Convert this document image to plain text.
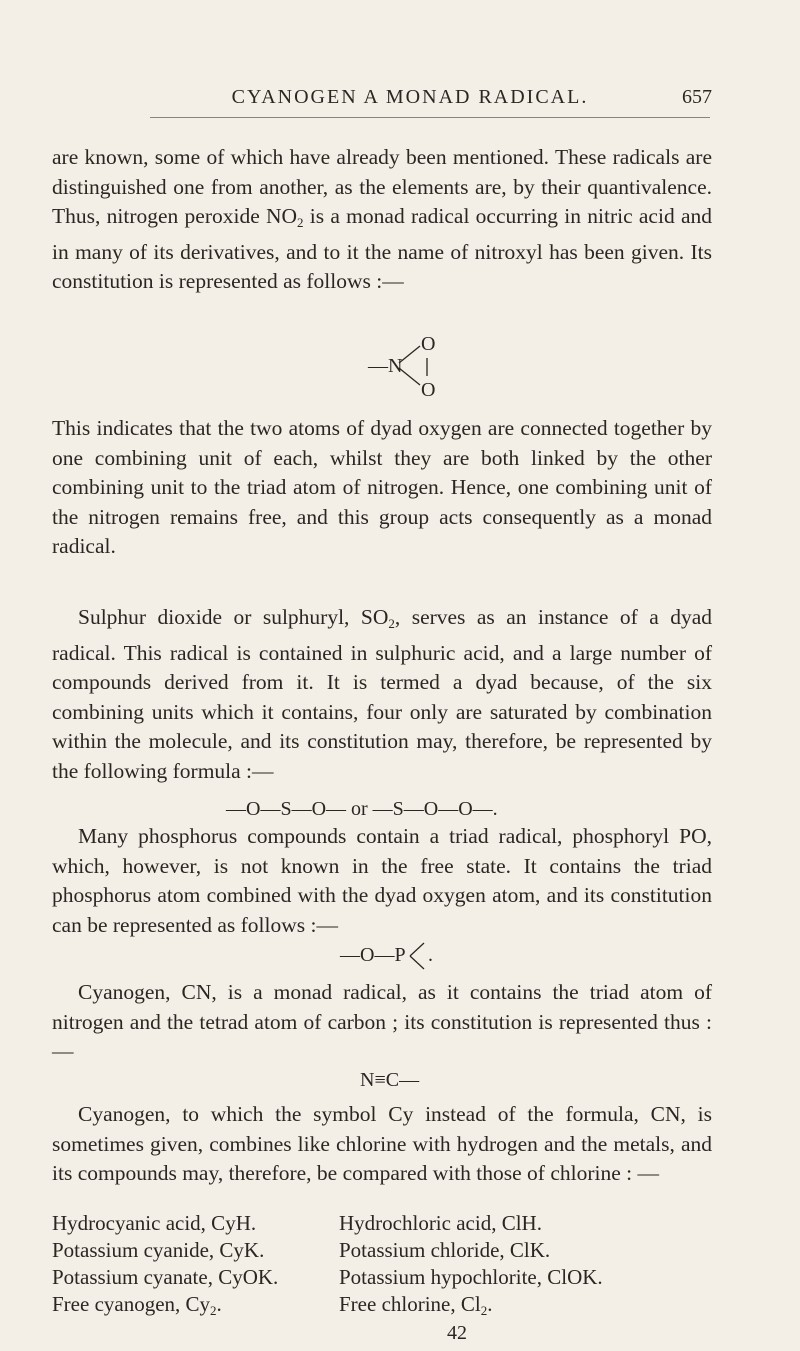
CYANOGEN A MONAD RADICAL.	657

are known, some of which have already been mentioned. These radicals are distinguished one from another, as the elements are, by their quantivalence. Thus, nitrogen peroxide $NO_2$ is a monad radical occurring in nitric acid and in many of its derivatives, and to it the name of nitroxyl has been given. Its constitution is represented as follows :—

—N
O
O

This indicates that the two atoms of dyad oxygen are connected together by one combining unit of each, whilst they are both linked by the other combining unit to the triad atom of nitrogen. Hence, one combining unit of the nitrogen remains free, and this group acts consequently as a monad radical.

Sulphur dioxide or sulphuryl, $SO_2$, serves as an instance of a dyad radical. This radical is contained in sulphuric acid, and a large number of compounds derived from it. It is termed a dyad because, of the six combining units which it contains, four only are saturated by combination within the molecule, and its constitution may, therefore, be represented by the following formula :—

—O—S—O— or —S—O—O—.

Many phosphorus compounds contain a triad radical, phosphoryl PO, which, however, is not known in the free state. It contains the triad phosphorus atom combined with the dyad oxygen atom, and its constitution can be represented as follows :—

—O—P .

Cyanogen, CN, is a monad radical, as it contains the triad atom of nitrogen and the tetrad atom of carbon ; its constitution is represented thus :—

N≡C—

Cyanogen, to which the symbol Cy instead of the formula, CN, is sometimes given, combines like chlorine with hydrogen and the metals, and its compounds may, therefore, be compared with those of chlorine : —

Hydrocyanic acid, CyH.
Potassium cyanide, CyK.
Potassium cyanate, CyOK.
Free cyanogen, $Cy_2$.
Hydrochloric acid, ClH.
Potassium chloride, ClK.
Potassium hypochlorite, ClOK.
Free chlorine, $Cl_2$.
42
